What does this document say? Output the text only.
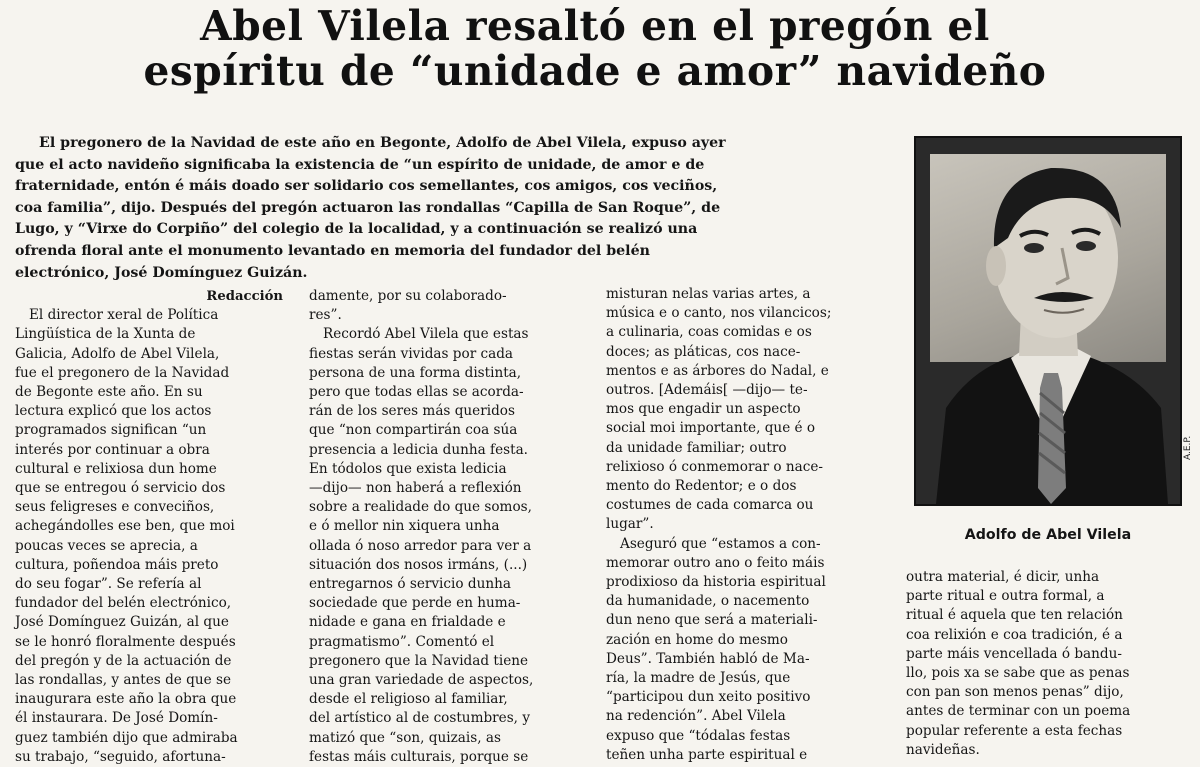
Abel Vilela resaltó en el pregón el
espíritu de “unidade e amor” navideño
El pregonero de la Navidad de este año en Begonte, Adolfo de Abel Vilela, expuso ayer
que el acto navideño significaba la existencia de “un espírito de unidade, de amor e de
fraternidade, entón é máis doado ser solidario cos semellantes, cos amigos, cos veciños,
coa familia”, dijo. Después del pregón actuaron las rondallas “Capilla de San Roque”, de
Lugo, y “Virxe do Corpiño” del colegio de la localidad, y a continuación se realizó una
ofrenda floral ante el monumento levantado en memoria del fundador del belén
electrónico, José Domínguez Guizán.
Redacción
El director xeral de Política
Lingüística de la Xunta de
Galicia, Adolfo de Abel Vilela,
fue el pregonero de la Navidad
de Begonte este año. En su
lectura explicó que los actos
programados significan “un
interés por continuar a obra
cultural e relixiosa dun home
que se entregou ó servicio dos
seus feligreses e conveciños,
achegándolles ese ben, que moi
poucas veces se aprecia, a
cultura, poñendoa máis preto
do seu fogar”. Se refería al
fundador del belén electrónico,
José Domínguez Guizán, al que
se le honró floralmente después
del pregón y de la actuación de
las rondallas, y antes de que se
inaugurara este año la obra que
él instaurara. De José Domín-
guez también dijo que admiraba
su trabajo, “seguido, afortuna-
damente, por su colaborado-
res”.
Recordó Abel Vilela que estas
fiestas serán vividas por cada
persona de una forma distinta,
pero que todas ellas se acorda-
rán de los seres más queridos
que “non compartirán coa súa
presencia a ledicia dunha festa.
En tódolos que exista ledicia
—dijo— non haberá a reflexión
sobre a realidade do que somos,
e ó mellor nin xiquera unha
ollada ó noso arredor para ver a
situación dos nosos irmáns, (...)
entregarnos ó servicio dunha
sociedade que perde en huma-
nidade e gana en frialdade e
pragmatismo”. Comentó el
pregonero que la Navidad tiene
una gran variedade de aspectos,
desde el religioso al familiar,
del artístico al de costumbres, y
matizó que “son, quizais, as
festas máis culturais, porque se
misturan nelas varias artes, a
música e o canto, nos vilancicos;
a culinaria, coas comidas e os
doces; as pláticas, cos nace-
mentos e as árbores do Nadal, e
outros. [Ademáis[ —dijo— te-
mos que engadir un aspecto
social moi importante, que é o
da unidade familiar; outro
relixioso ó conmemorar o nace-
mento do Redentor; e o dos
costumes de cada comarca ou
lugar”.
Aseguró que “estamos a con-
memorar outro ano o feito máis
prodixioso da historia espiritual
da humanidade, o nacemento
dun neno que será a materiali-
zación en home do mesmo
Deus”. También habló de Ma-
ría, la madre de Jesús, que
“participou dun xeito positivo
na redención”. Abel Vilela
expuso que “tódalas festas
teñen unha parte espiritual e
A.E.P.
Adolfo de Abel Vilela
outra material, é dicir, unha
parte ritual e outra formal, a
ritual é aquela que ten relación
coa relixión e coa tradición, é a
parte máis vencellada ó bandu-
llo, pois xa se sabe que as penas
con pan son menos penas” dijo,
antes de terminar con un poema
popular referente a esta fechas
navideñas.
